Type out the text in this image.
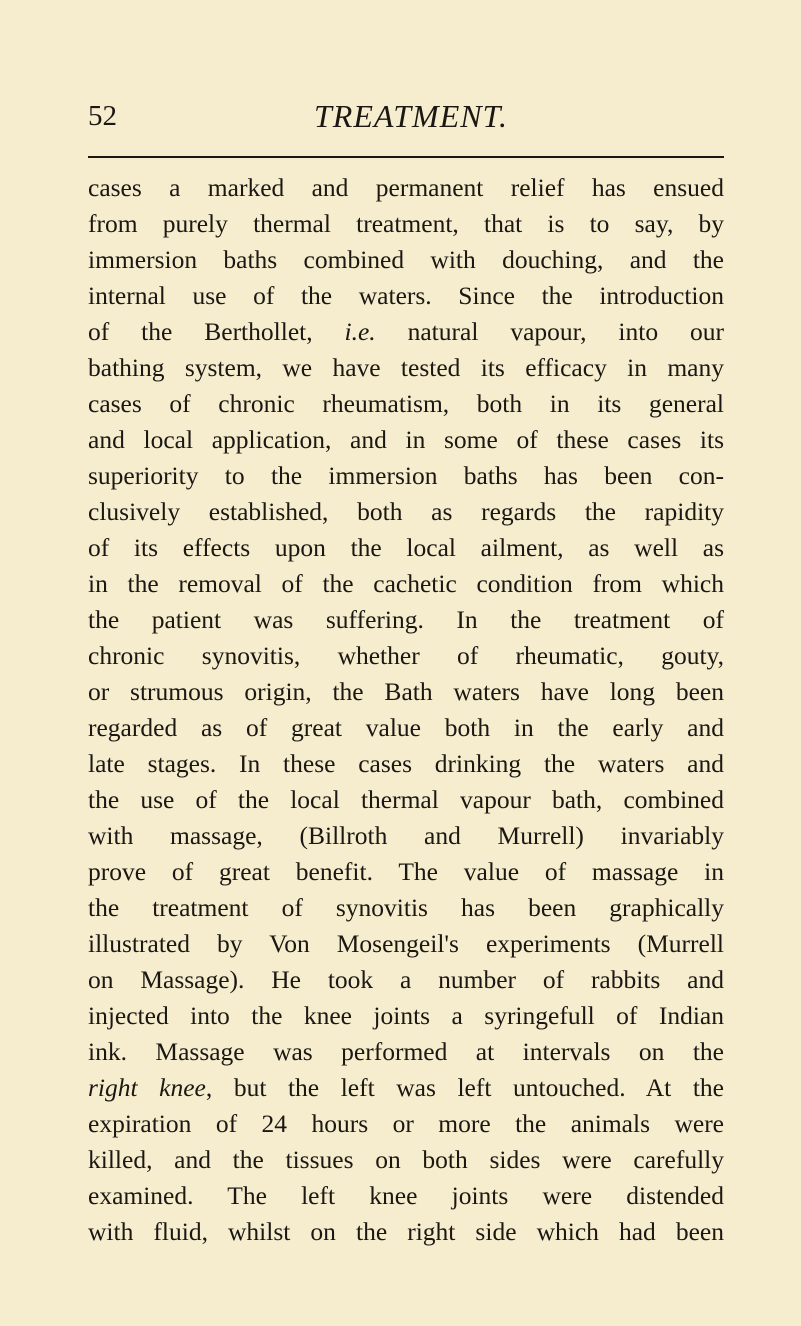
52	TREATMENT.
cases a marked and permanent relief has ensued
from purely thermal treatment, that is to say, by
immersion baths combined with douching, and the
internal use of the waters. Since the introduction
of the Berthollet, i.e. natural vapour, into our
bathing system, we have tested its efficacy in many
cases of chronic rheumatism, both in its general
and local application, and in some of these cases its
superiority to the immersion baths has been con-
clusively established, both as regards the rapidity
of its effects upon the local ailment, as well as
in the removal of the cachetic condition from which
the patient was suffering. In the treatment of
chronic synovitis, whether of rheumatic, gouty,
or strumous origin, the Bath waters have long been
regarded as of great value both in the early and
late stages. In these cases drinking the waters and
the use of the local thermal vapour bath, combined
with massage, (Billroth and Murrell) invariably
prove of great benefit. The value of massage in
the treatment of synovitis has been graphically
illustrated by Von Mosengeil's experiments (Murrell
on Massage). He took a number of rabbits and
injected into the knee joints a syringefull of Indian
ink. Massage was performed at intervals on the
right knee, but the left was left untouched. At the
expiration of 24 hours or more the animals were
killed, and the tissues on both sides were carefully
examined. The left knee joints were distended
with fluid, whilst on the right side which had been
